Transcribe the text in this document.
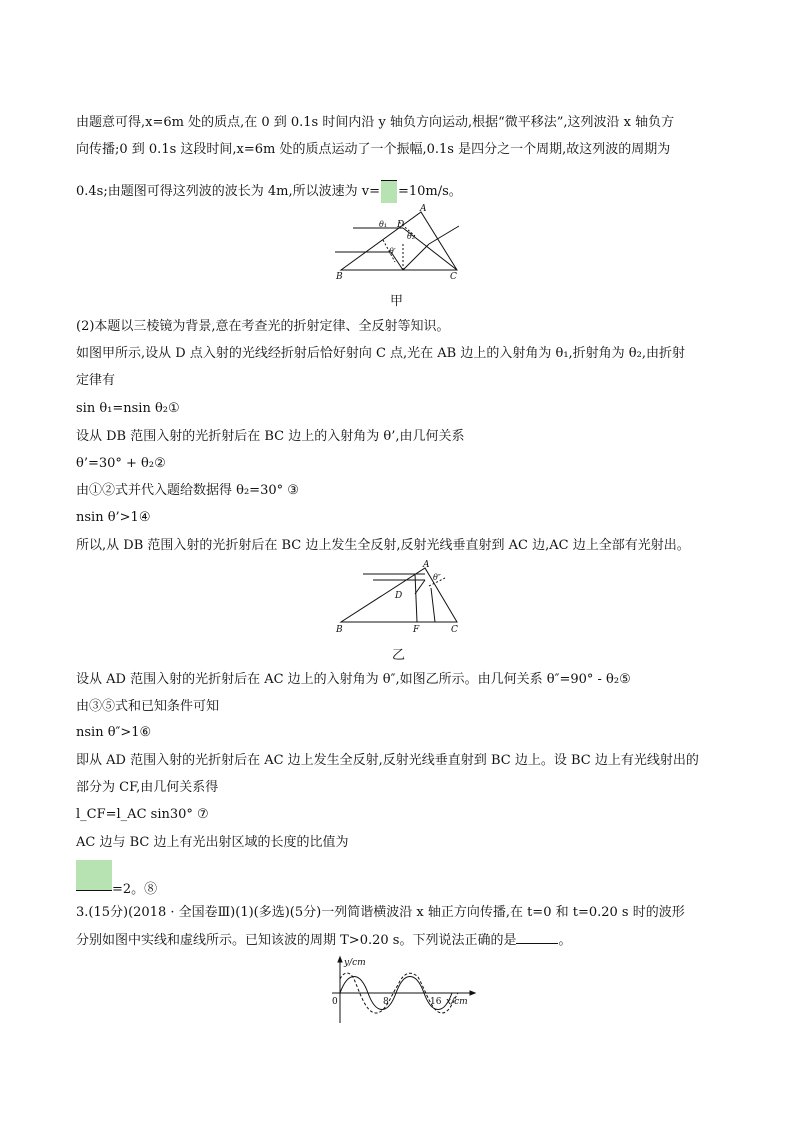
由题意可得,x=6m 处的质点,在 0 到 0.1s 时间内沿 y 轴负方向运动,根据“微平移法”,这列波沿 x 轴负方
向传播;0 到 0.1s 这段时间,x=6m 处的质点运动了一个振幅,0.1s 是四分之一个周期,故这列波的周期为
0.4s;由题图可得这列波的波长为 4m,所以波速为 v= =10m/s。
A
B	C
D
θ₁
θ₂
θ′
甲
(2)本题以三棱镜为背景,意在考查光的折射定律、全反射等知识。
如图甲所示,设从 D 点入射的光线经折射后恰好射向 C 点,光在 AB 边上的入射角为 θ₁,折射角为 θ₂,由折射
定律有
sin θ₁=nsin θ₂①
设从 DB 范围入射的光折射后在 BC 边上的入射角为 θ’,由几何关系
θ’=30° + θ₂②
由①②式并代入题给数据得 θ₂=30° ③
nsin θ’>1④
所以,从 DB 范围入射的光折射后在 BC 边上发生全反射,反射光线垂直射到 AC 边,AC 边上全部有光射出。
A
B	C
D
F
θ″
乙
设从 AD 范围入射的光折射后在 AC 边上的入射角为 θ″,如图乙所示。由几何关系 θ″=90° - θ₂⑤
由③⑤式和已知条件可知
nsin θ″>1⑥
即从 AD 范围入射的光折射后在 AC 边上发生全反射,反射光线垂直射到 BC 边上。设 BC 边上有光线射出的
部分为 CF,由几何关系得
l_CF=l_AC sin30° ⑦
AC 边与 BC 边上有光出射区域的长度的比值为
=2。⑧
3.(15分)(2018 · 全国卷Ⅲ)(1)(多选)(5分)一列简谐横波沿 x 轴正方向传播,在 t=0 和 t=0.20 s 时的波形
分别如图中实线和虚线所示。已知该波的周期 T>0.20 s。下列说法正确的是	。
y/cm
x/cm
0	8	16
